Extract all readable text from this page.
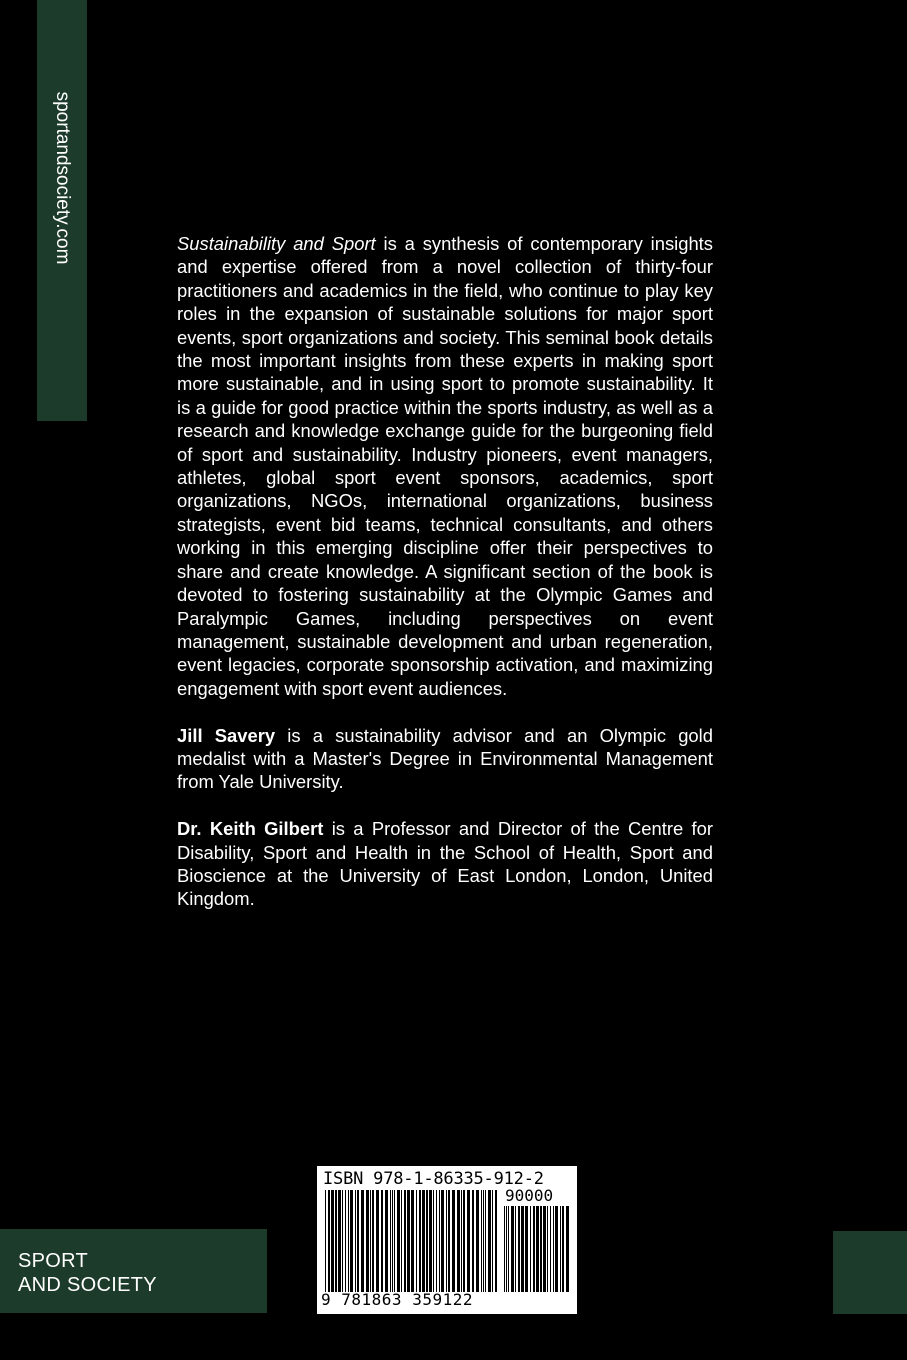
sportandsociety.com	Sustainability and Sport is a synthesis of contemporary insights and expertise offered from a novel collection of thirty-four practitioners and academics in the field, who continue to play key roles in the expansion of sustainable solutions for major sport events, sport organizations and society. This seminal book details the most important insights from these experts in making sport more sustainable, and in using sport to promote sustainability. It is a guide for good practice within the sports industry, as well as a research and knowledge exchange guide for the burgeoning field of sport and sustainability. Industry pioneers, event managers, athletes, global sport event sponsors, academics, sport organizations, NGOs, international organizations, business strategists, event bid teams, technical consultants, and others working in this emerging discipline offer their perspectives to share and create knowledge. A significant section of the book is devoted to fostering sustainability at the Olympic Games and Paralympic Games, including perspectives on event management, sustainable development and urban regeneration, event legacies, corporate sponsorship activation, and maximizing engagement with sport event audiences.

Jill Savery is a sustainability advisor and an Olympic gold medalist with a Master's Degree in Environmental Management from Yale University.

Dr. Keith Gilbert is a Professor and Director of the Centre for Disability, Sport and Health in the School of Health, Sport and Bioscience at the University of East London, London, United Kingdom.

SPORT
AND SOCIETY
ISBN 978-1-86335-912-2
90000
9 781863 359122
